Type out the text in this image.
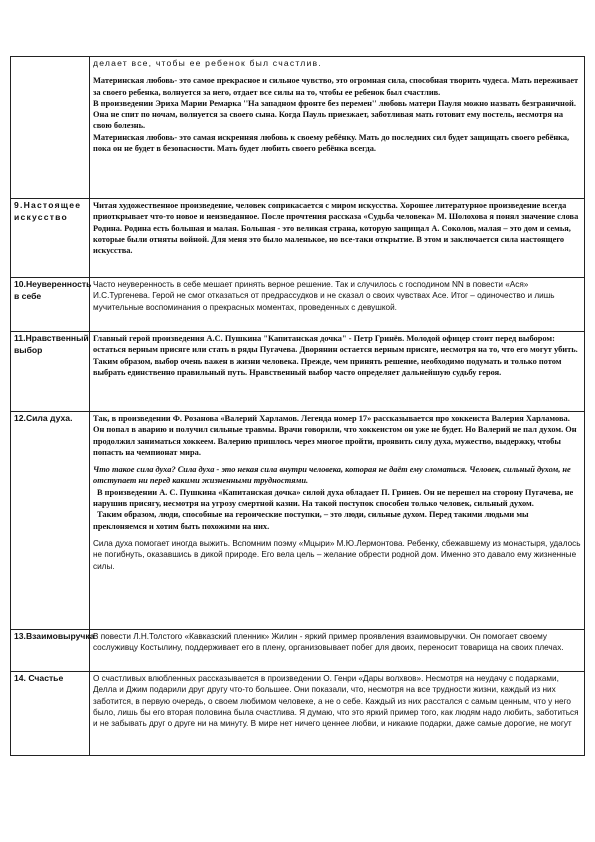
	делает все, чтобы ее ребенок был счастлив.

Материнская любовь- это самое прекрасное и сильное чувство, это огромная сила, способная творить чудеса. Мать переживает за своего ребенка, волнуется за него, отдает все силы на то, чтобы ее ребенок был счастлив.

В произведении Эриха Марии Ремарка ''На западном фронте без перемен'' любовь матери Пауля можно назвать безграничной. Она не спит по ночам, волнуется за своего сына. Когда Пауль приезжает, заботливая мать готовит ему постель, несмотря на свою болезнь.

Материнская любовь- это самая искренняя любовь к своему ребёнку. Мать до последних сил будет защищать своего ребёнка, пока он не будет в безопасности. Мать будет любить своего ребёнка всегда.

9.Настоящее искусство	Читая художественное произведение, человек соприкасается с миром искусства. Хорошее литературное произведение всегда приоткрывает что-то новое и неизведанное. После прочтения рассказа «Судьба человека» М. Шолохова я понял значение слова Родина. Родина есть большая и малая. Большая - это великая страна, которую защищал А. Соколов, малая – это дом и семья, которые были отняты войной. Для меня это было маленькое, но все-таки открытие. В этом и заключается сила настоящего искусства.

10.Неуверенность в себе	Часто неуверенность в себе мешает принять верное решение. Так и случилось с господином NN в повести «Ася» И.С.Тургенева. Герой не смог отказаться от предрассудков и не сказал о своих чувствах Асе. Итог – одиночество и лишь мучительные воспоминания о прекрасных моментах, проведенных с девушкой.

11.Нравственный выбор	Главный герой произведения А.С. Пушкина "Капитанская дочка" - Петр Гринёв. Молодой офицер стоит перед выбором: остаться верным присяге или стать в ряды Пугачева. Дворянин остается верным присяге, несмотря на то, что его могут убить.

Таким образом, выбор очень важен в жизни человека. Прежде, чем принять решение, необходимо подумать и только потом выбрать единственно правильный путь. Нравственный выбор часто определяет дальнейшую судьбу героя.

12.Сила духа.	Так, в произведении Ф. Розанова «Валерий Харламов. Легенда номер 17» рассказывается про хоккеиста Валерия Харламова. Он попал в аварию и получил сильные травмы. Врачи говорили, что хоккеистом он уже не будет. Но Валерий не пал духом. Он продолжил заниматься хоккеем. Валерию пришлось через многое пройти, проявить силу духа, мужество, выдержку, чтобы попасть на чемпионат мира.

Что такое сила духа? Сила духа - это некая сила внутри человека, которая не даёт ему сломаться. Человек, сильный духом, не отступает ни перед какими жизненными трудностями.

В произведении А. С. Пушкина «Капитанская дочка» силой духа обладает П. Гринев. Он не перешел на сторону Пугачева, не нарушив присягу, несмотря на угрозу смертной казни. На такой поступок способен только человек, сильный духом.

Таким образом, люди, способные на героические поступки, – это люди, сильные духом. Перед такими людьми мы преклоняемся и хотим быть похожими на них.

Сила духа помогает иногда выжить. Вспомним поэму «Мцыри» М.Ю.Лермонтова. Ребенку, сбежавшему из монастыря, удалось не погибнуть, оказавшись в дикой природе. Его вела цель – желание обрести родной дом. Именно это давало ему жизненные силы.

13.Взаимовыручка	В повести Л.Н.Толстого «Кавказский пленник» Жилин - яркий пример проявления взаимовыручки. Он помогает своему сослуживцу Костылину, поддерживает его в плену, организовывает побег для двоих, переносит товарища на своих плечах.

14. Счастье	О счастливых влюбленных рассказывается в произведении О. Генри «Дары волхвов». Несмотря на неудачу с подарками, Делла и Джим подарили друг другу что-то большее. Они показали, что, несмотря на все трудности жизни, каждый из них заботится, в первую очередь, о своем любимом человеке, а не о себе. Каждый из них расстался с самым ценным, что у него было, лишь бы его вторая половина была счастлива. Я думаю, что это яркий пример того, как людям надо любить, заботиться и не забывать друг о друге ни на минуту. В мире нет ничего ценнее любви, и никакие подарки, даже самые дорогие, не могут
